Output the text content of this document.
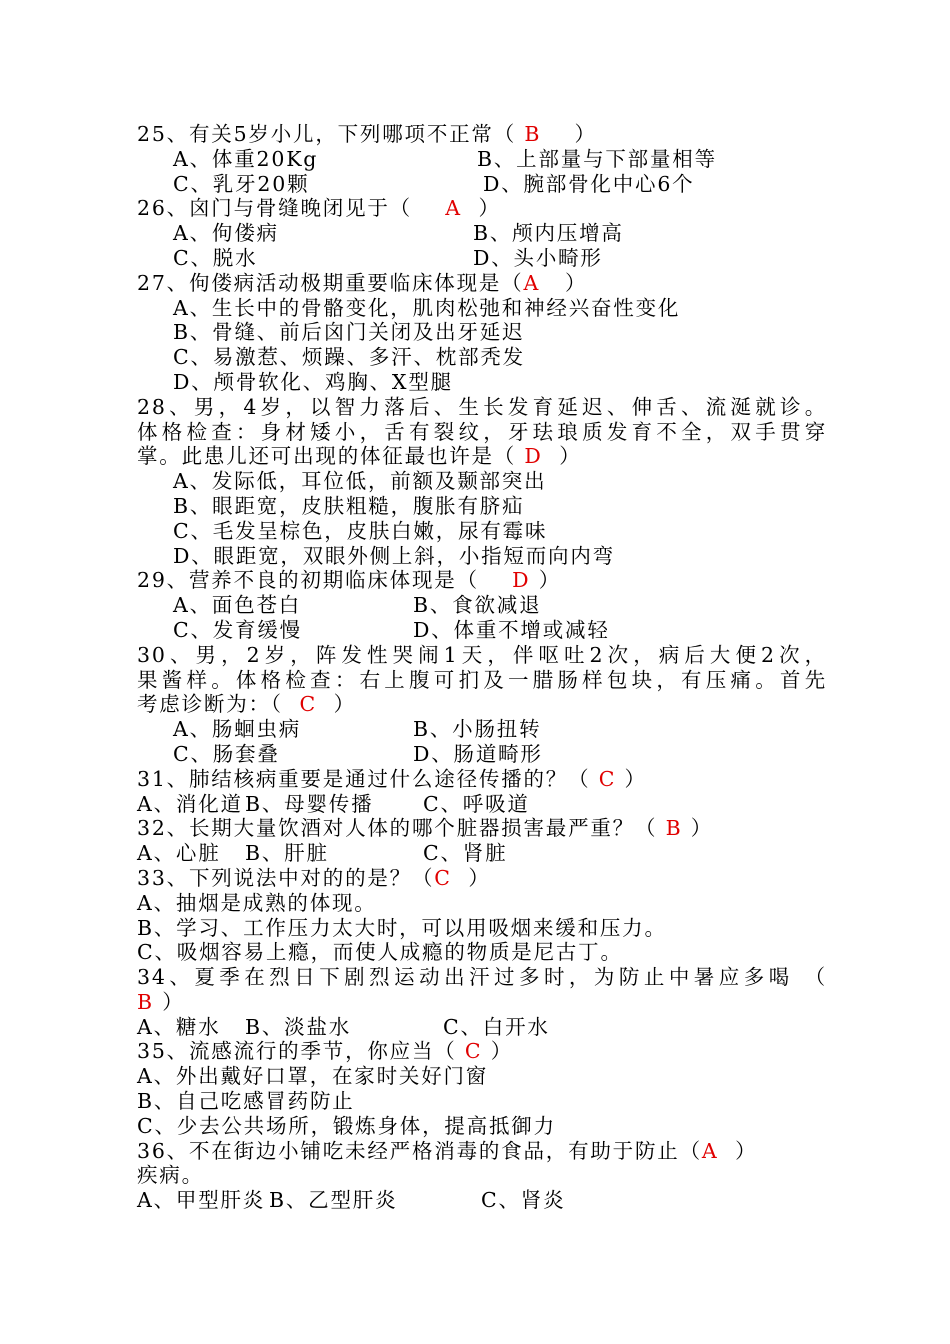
25、有关5岁小儿，下列哪项不正常（ B    ）
A、体重20Kg	B、上部量与下部量相等
C、乳牙20颗	D、腕部骨化中心6个
26、囟门与骨缝晚闭见于（    A  ）
A、佝偻病	B、颅内压增高
C、脱水	D、头小畸形
27、佝偻病活动极期重要临床体现是（A   ）
A、生长中的骨骼变化，肌肉松弛和神经兴奋性变化
B、骨缝、前后囟门关闭及出牙延迟
C、易激惹、烦躁、多汗、枕部秃发
D、颅骨软化、鸡胸、X型腿
28、男，4岁，以智力落后、生长发育延迟、伸舌、流涎就诊。
体格检查：身材矮小，舌有裂纹，牙珐琅质发育不全，双手贯穿
掌。此患儿还可出现的体征最也许是（ D  ）
A、发际低，耳位低，前额及颞部突出
B、眼距宽，皮肤粗糙，腹胀有脐疝
C、毛发呈棕色，皮肤白嫩，尿有霉味
D、眼距宽，双眼外侧上斜，小指短而向内弯
29、营养不良的初期临床体现是（    D ）
A、面色苍白	B、食欲减退
C、发育缓慢	D、体重不增或减轻
30、男，2岁，阵发性哭闹1天，伴呕吐2次，病后大便2次，
果酱样。体格检查：右上腹可扪及一腊肠样包块，有压痛。首先
考虑诊断为：（  C  ）
A、肠蛔虫病	B、小肠扭转
C、肠套叠	D、肠道畸形
31、肺结核病重要是通过什么途径传播的？（ C ）
A、消化道 B、母婴传播 C、呼吸道
32、长期大量饮酒对人体的哪个脏器损害最严重？（ B ）
A、心脏 B、肝脏	C、肾脏
33、下列说法中对的的是？（C  ）
A、抽烟是成熟的体现。
B、学习、工作压力太大时，可以用吸烟来缓和压力。
C、吸烟容易上瘾，而使人成瘾的物质是尼古丁。
34、夏季在烈日下剧烈运动出汗过多时，为防止中暑应多喝 （
B ）
A、糖水 B、淡盐水	C、白开水
35、流感流行的季节，你应当（ C ）
A、外出戴好口罩，在家时关好门窗
B、自己吃感冒药防止
C、少去公共场所，锻炼身体，提高抵御力
36、不在街边小铺吃未经严格消毒的食品，有助于防止（A  ）
疾病。
A、甲型肝炎 B、乙型肝炎	C、肾炎
